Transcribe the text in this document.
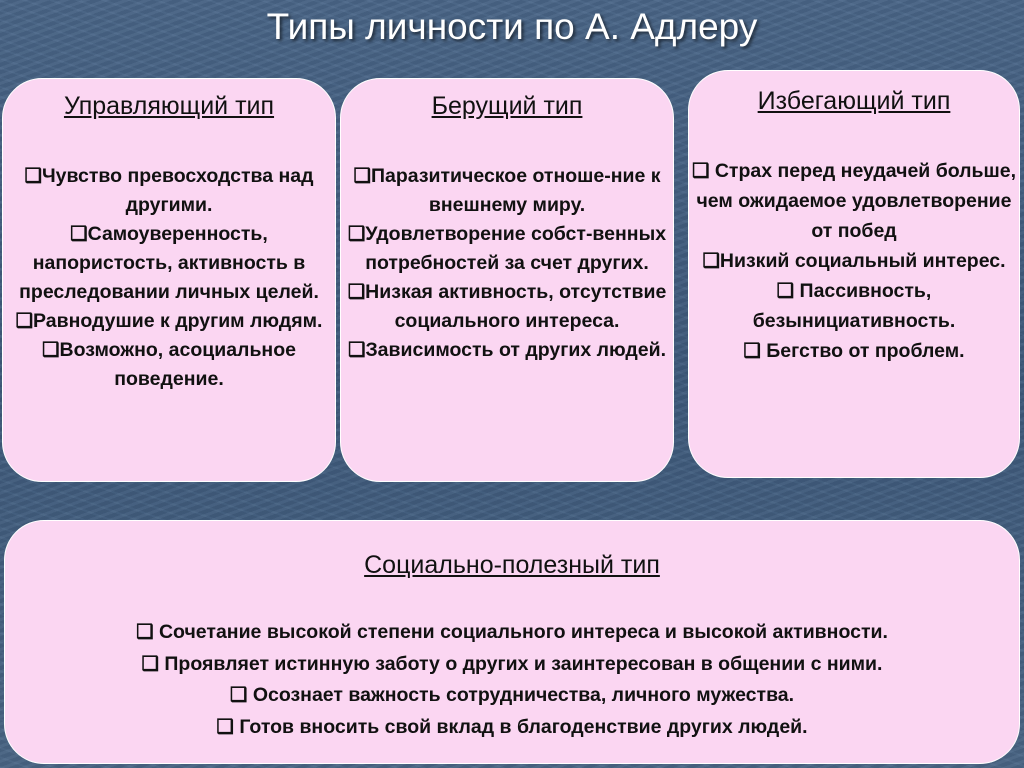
Типы личности по А. Адлеру
Управляющий тип
❑Чувство превосходства над другими.
❑Самоуверенность, напористость, активность в преследовании личных целей.
❑Равнодушие к другим людям.
❑Возможно, асоциальное поведение.
Берущий тип
❑Паразитическое отноше-ние к внешнему миру.
❑Удовлетворение собст-венных потребностей за счет других.
❑Низкая активность, отсутствие социального интереса.
❑Зависимость от других людей.
Избегающий тип
❑ Страх перед неудачей больше, чем ожидаемое удовлетворение от побед
❑Низкий социальный интерес.
❑ Пассивность, безынициативность.
❑ Бегство от проблем.
Социально-полезный тип
❑ Сочетание высокой степени социального интереса и высокой активности.
❑ Проявляет истинную заботу о других и заинтересован в общении с ними.
❑ Осознает важность сотрудничества, личного мужества.
❑ Готов вносить свой вклад в благоденствие других людей.
